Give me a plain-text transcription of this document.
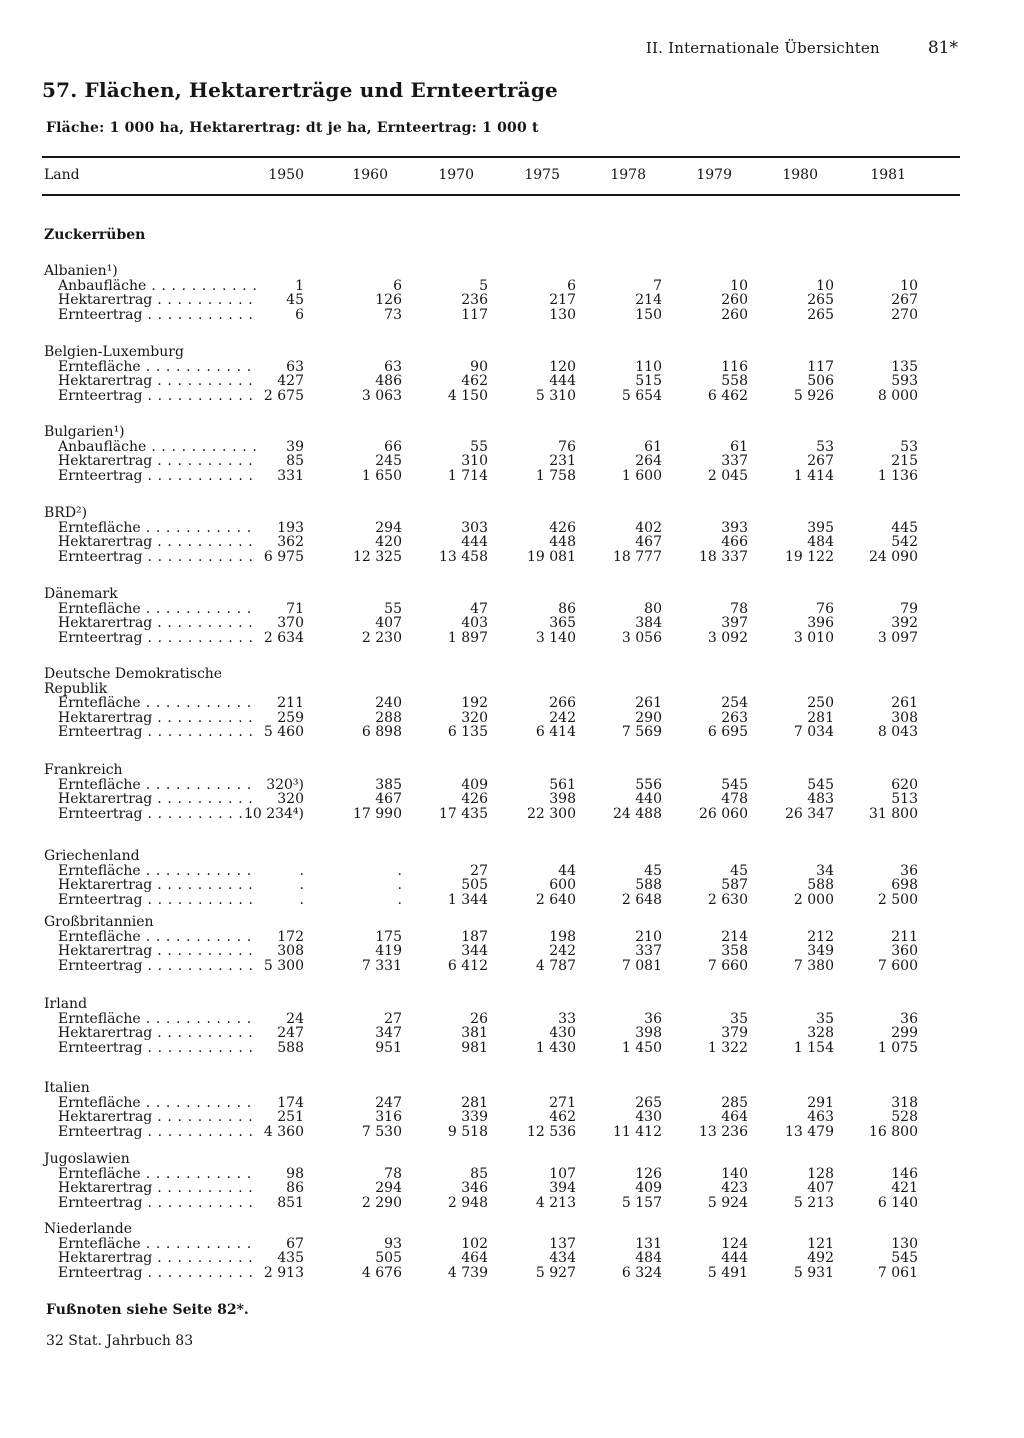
II. Internationale Übersichten	81*
57. Flächen, Hektarerträge und Ernteerträge
Fläche: 1 000 ha, Hektarertrag: dt je ha, Ernteertrag: 1 000 t
Land	1950	1960	1970	1975	1978	1979	1980	1981
Zuckerrüben
Albanien¹)
Anbaufläche . . .	1	6	5	6	7	10	10	10
Hektarertrag . . .	45	126	236	217	214	260	265	267
Ernteertrag . . .	6	73	117	130	150	260	265	270
Belgien-Luxemburg
Erntefläche . . .	63	63	90	120	110	116	117	135
Hektarertrag . . .	427	486	462	444	515	558	506	593
Ernteertrag . . .	2 675	3 063	4 150	5 310	5 654	6 462	5 926	8 000
Bulgarien¹)
Anbaufläche . . .	39	66	55	76	61	61	53	53
Hektarertrag . . .	85	245	310	231	264	337	267	215
Ernteertrag . . .	331	1 650	1 714	1 758	1 600	2 045	1 414	1 136
BRD²)
Erntefläche . . .	193	294	303	426	402	393	395	445
Hektarertrag . . .	362	420	444	448	467	466	484	542
Ernteertrag . . .	6 975	12 325	13 458	19 081	18 777	18 337	19 122	24 090
Dänemark
Erntefläche . . .	71	55	47	86	80	78	76	79
Hektarertrag . . .	370	407	403	365	384	397	396	392
Ernteertrag . . .	2 634	2 230	1 897	3 140	3 056	3 092	3 010	3 097
Deutsche Demokratische
Republik
Erntefläche . . .	211	240	192	266	261	254	250	261
Hektarertrag . . .	259	288	320	242	290	263	281	308
Ernteertrag . . .	5 460	6 898	6 135	6 414	7 569	6 695	7 034	8 043
Frankreich
Erntefläche . . .	320³)	385	409	561	556	545	545	620
Hektarertrag . . .	320	467	426	398	440	478	483	513
Ernteertrag . . .	10 234⁴)	17 990	17 435	22 300	24 488	26 060	26 347	31 800
Griechenland
Erntefläche . . .	.	.	27	44	45	45	34	36
Hektarertrag . . .	.	.	505	600	588	587	588	698
Ernteertrag . . .	.	.	1 344	2 640	2 648	2 630	2 000	2 500
Großbritannien
Erntefläche . . .	172	175	187	198	210	214	212	211
Hektarertrag . . .	308	419	344	242	337	358	349	360
Ernteertrag . . .	5 300	7 331	6 412	4 787	7 081	7 660	7 380	7 600
Irland
Erntefläche . . .	24	27	26	33	36	35	35	36
Hektarertrag . . .	247	347	381	430	398	379	328	299
Ernteertrag . . .	588	951	981	1 430	1 450	1 322	1 154	1 075
Italien
Erntefläche . . .	174	247	281	271	265	285	291	318
Hektarertrag . . .	251	316	339	462	430	464	463	528
Ernteertrag . . .	4 360	7 530	9 518	12 536	11 412	13 236	13 479	16 800
Jugoslawien
Erntefläche . . .	98	78	85	107	126	140	128	146
Hektarertrag . . .	86	294	346	394	409	423	407	421
Ernteertrag . . .	851	2 290	2 948	4 213	5 157	5 924	5 213	6 140
Niederlande
Erntefläche . . .	67	93	102	137	131	124	121	130
Hektarertrag . . .	435	505	464	434	484	444	492	545
Ernteertrag . . .	2 913	4 676	4 739	5 927	6 324	5 491	5 931	7 061
Fußnoten siehe Seite 82*.
32 Stat. Jahrbuch 83
